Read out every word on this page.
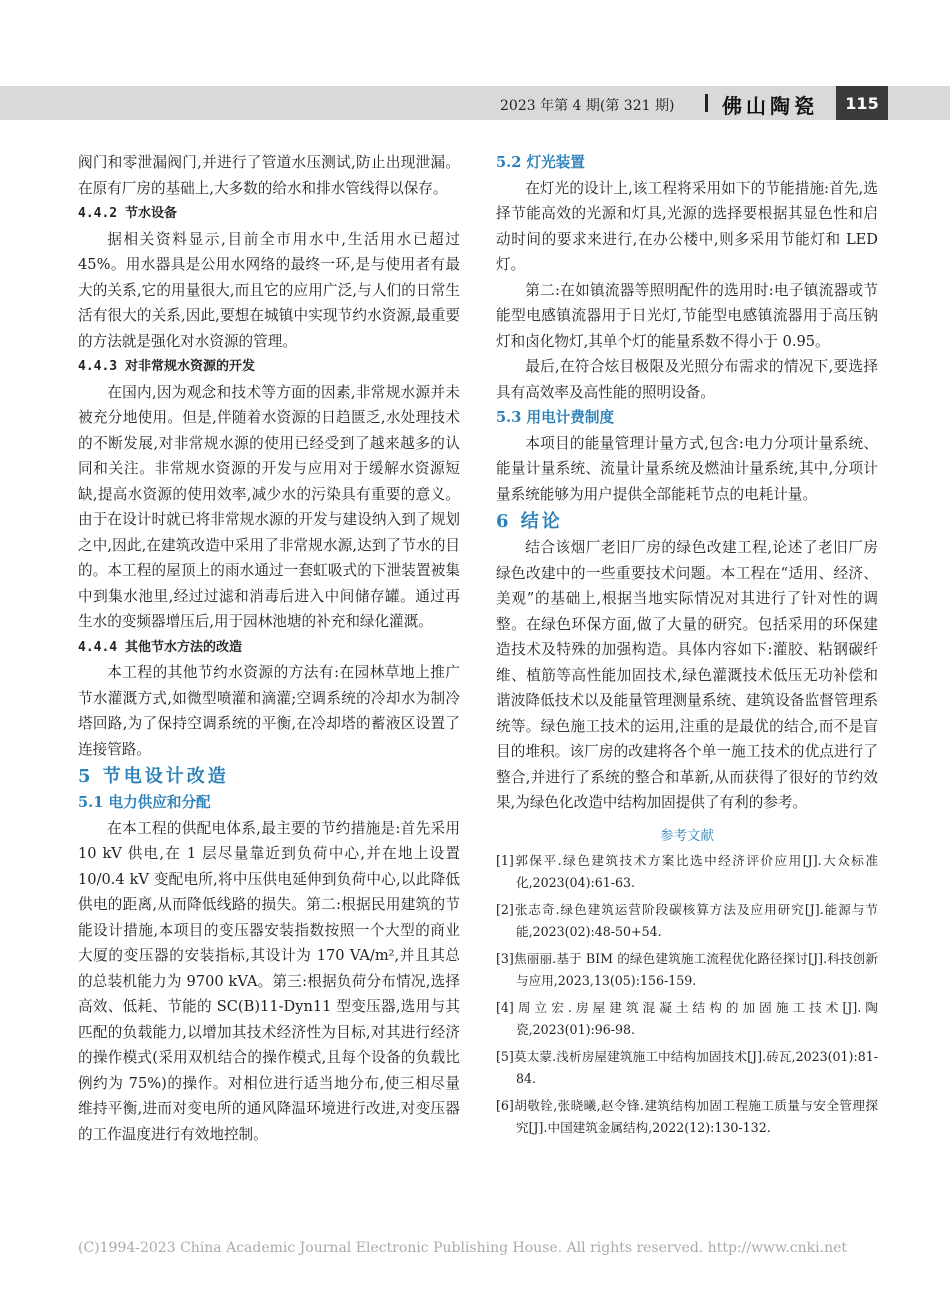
2023 年第 4 期(第 321 期) 佛山陶瓷	115

阀门和零泄漏阀门,并进行了管道水压测试,防止出现泄漏。在原有厂房的基础上,大多数的给水和排水管线得以保存。

4.4.2 节水设备

据相关资料显示,目前全市用水中,生活用水已超过 45%。用水器具是公用水网络的最终一环,是与使用者有最大的关系,它的用量很大,而且它的应用广泛,与人们的日常生活有很大的关系,因此,要想在城镇中实现节约水资源,最重要的方法就是强化对水资源的管理。

4.4.3 对非常规水资源的开发

在国内,因为观念和技术等方面的因素,非常规水源并未被充分地使用。但是,伴随着水资源的日趋匮乏,水处理技术的不断发展,对非常规水源的使用已经受到了越来越多的认同和关注。非常规水资源的开发与应用对于缓解水资源短缺,提高水资源的使用效率,减少水的污染具有重要的意义。由于在设计时就已将非常规水源的开发与建设纳入到了规划之中,因此,在建筑改造中采用了非常规水源,达到了节水的目的。本工程的屋顶上的雨水通过一套虹吸式的下泄装置被集中到集水池里,经过过滤和消毒后进入中间储存罐。通过再生水的变频器增压后,用于园林池塘的补充和绿化灌溉。

4.4.4 其他节水方法的改造

本工程的其他节约水资源的方法有:在园林草地上推广节水灌溉方式,如微型喷灌和滴灌;空调系统的冷却水为制冷塔回路,为了保持空调系统的平衡,在冷却塔的蓄液区设置了连接管路。

5 节电设计改造
5.1 电力供应和分配

在本工程的供配电体系,最主要的节约措施是:首先采用 10 kV 供电,在 1 层尽量靠近到负荷中心,并在地上设置 10/0.4 kV 变配电所,将中压供电延伸到负荷中心,以此降低供电的距离,从而降低线路的损失。第二:根据民用建筑的节能设计措施,本项目的变压器安装指数按照一个大型的商业大厦的变压器的安装指标,其设计为 170 VA/m²,并且其总的总装机能力为 9700 kVA。第三:根据负荷分布情况,选择高效、低耗、节能的 SC(B)11-Dyn11 型变压器,选用与其匹配的负载能力,以增加其技术经济性为目标,对其进行经济的操作模式(采用双机结合的操作模式,且每个设备的负载比例约为 75%)的操作。对相位进行适当地分布,使三相尽量维持平衡,进而对变电所的通风降温环境进行改进,对变压器的工作温度进行有效地控制。

5.2 灯光装置

在灯光的设计上,该工程将采用如下的节能措施:首先,选择节能高效的光源和灯具,光源的选择要根据其显色性和启动时间的要求来进行,在办公楼中,则多采用节能灯和 LED 灯。

第二:在如镇流器等照明配件的选用时:电子镇流器或节能型电感镇流器用于日光灯,节能型电感镇流器用于高压钠灯和卤化物灯,其单个灯的能量系数不得小于 0.95。

最后,在符合炫目极限及光照分布需求的情况下,要选择具有高效率及高性能的照明设备。

5.3 用电计费制度

本项目的能量管理计量方式,包含:电力分项计量系统、能量计量系统、流量计量系统及燃油计量系统,其中,分项计量系统能够为用户提供全部能耗节点的电耗计量。

6 结论

结合该烟厂老旧厂房的绿色改建工程,论述了老旧厂房绿色改建中的一些重要技术问题。本工程在“适用、经济、美观”的基础上,根据当地实际情况对其进行了针对性的调整。在绿色环保方面,做了大量的研究。包括采用的环保建造技术及特殊的加强构造。具体内容如下:灌胶、粘钢碳纤维、植筋等高性能加固技术,绿色灌溉技术低压无功补偿和谐波降低技术以及能量管理测量系统、建筑设备监督管理系统等。绿色施工技术的运用,注重的是最优的结合,而不是盲目的堆积。该厂房的改建将各个单一施工技术的优点进行了整合,并进行了系统的整合和革新,从而获得了很好的节约效果,为绿色化改造中结构加固提供了有利的参考。

参考文献
[1]郭保平.绿色建筑技术方案比选中经济评价应用[J].大众标准化,2023(04):61-63.
[2]张志奇.绿色建筑运营阶段碳核算方法及应用研究[J].能源与节能,2023(02):48-50+54.
[3]焦丽丽.基于 BIM 的绿色建筑施工流程优化路径探讨[J].科技创新与应用,2023,13(05):156-159.
[4]周立宏.房屋建筑混凝土结构的加固施工技术[J].陶瓷,2023(01):96-98.
[5]莫太蒙.浅析房屋建筑施工中结构加固技术[J].砖瓦,2023(01):81-84.
[6]胡敬铨,张晓曦,赵令锋.建筑结构加固工程施工质量与安全管理探究[J].中国建筑金属结构,2022(12):130-132.
(C)1994-2023 China Academic Journal Electronic Publishing House. All rights reserved. http://www.cnki.net
